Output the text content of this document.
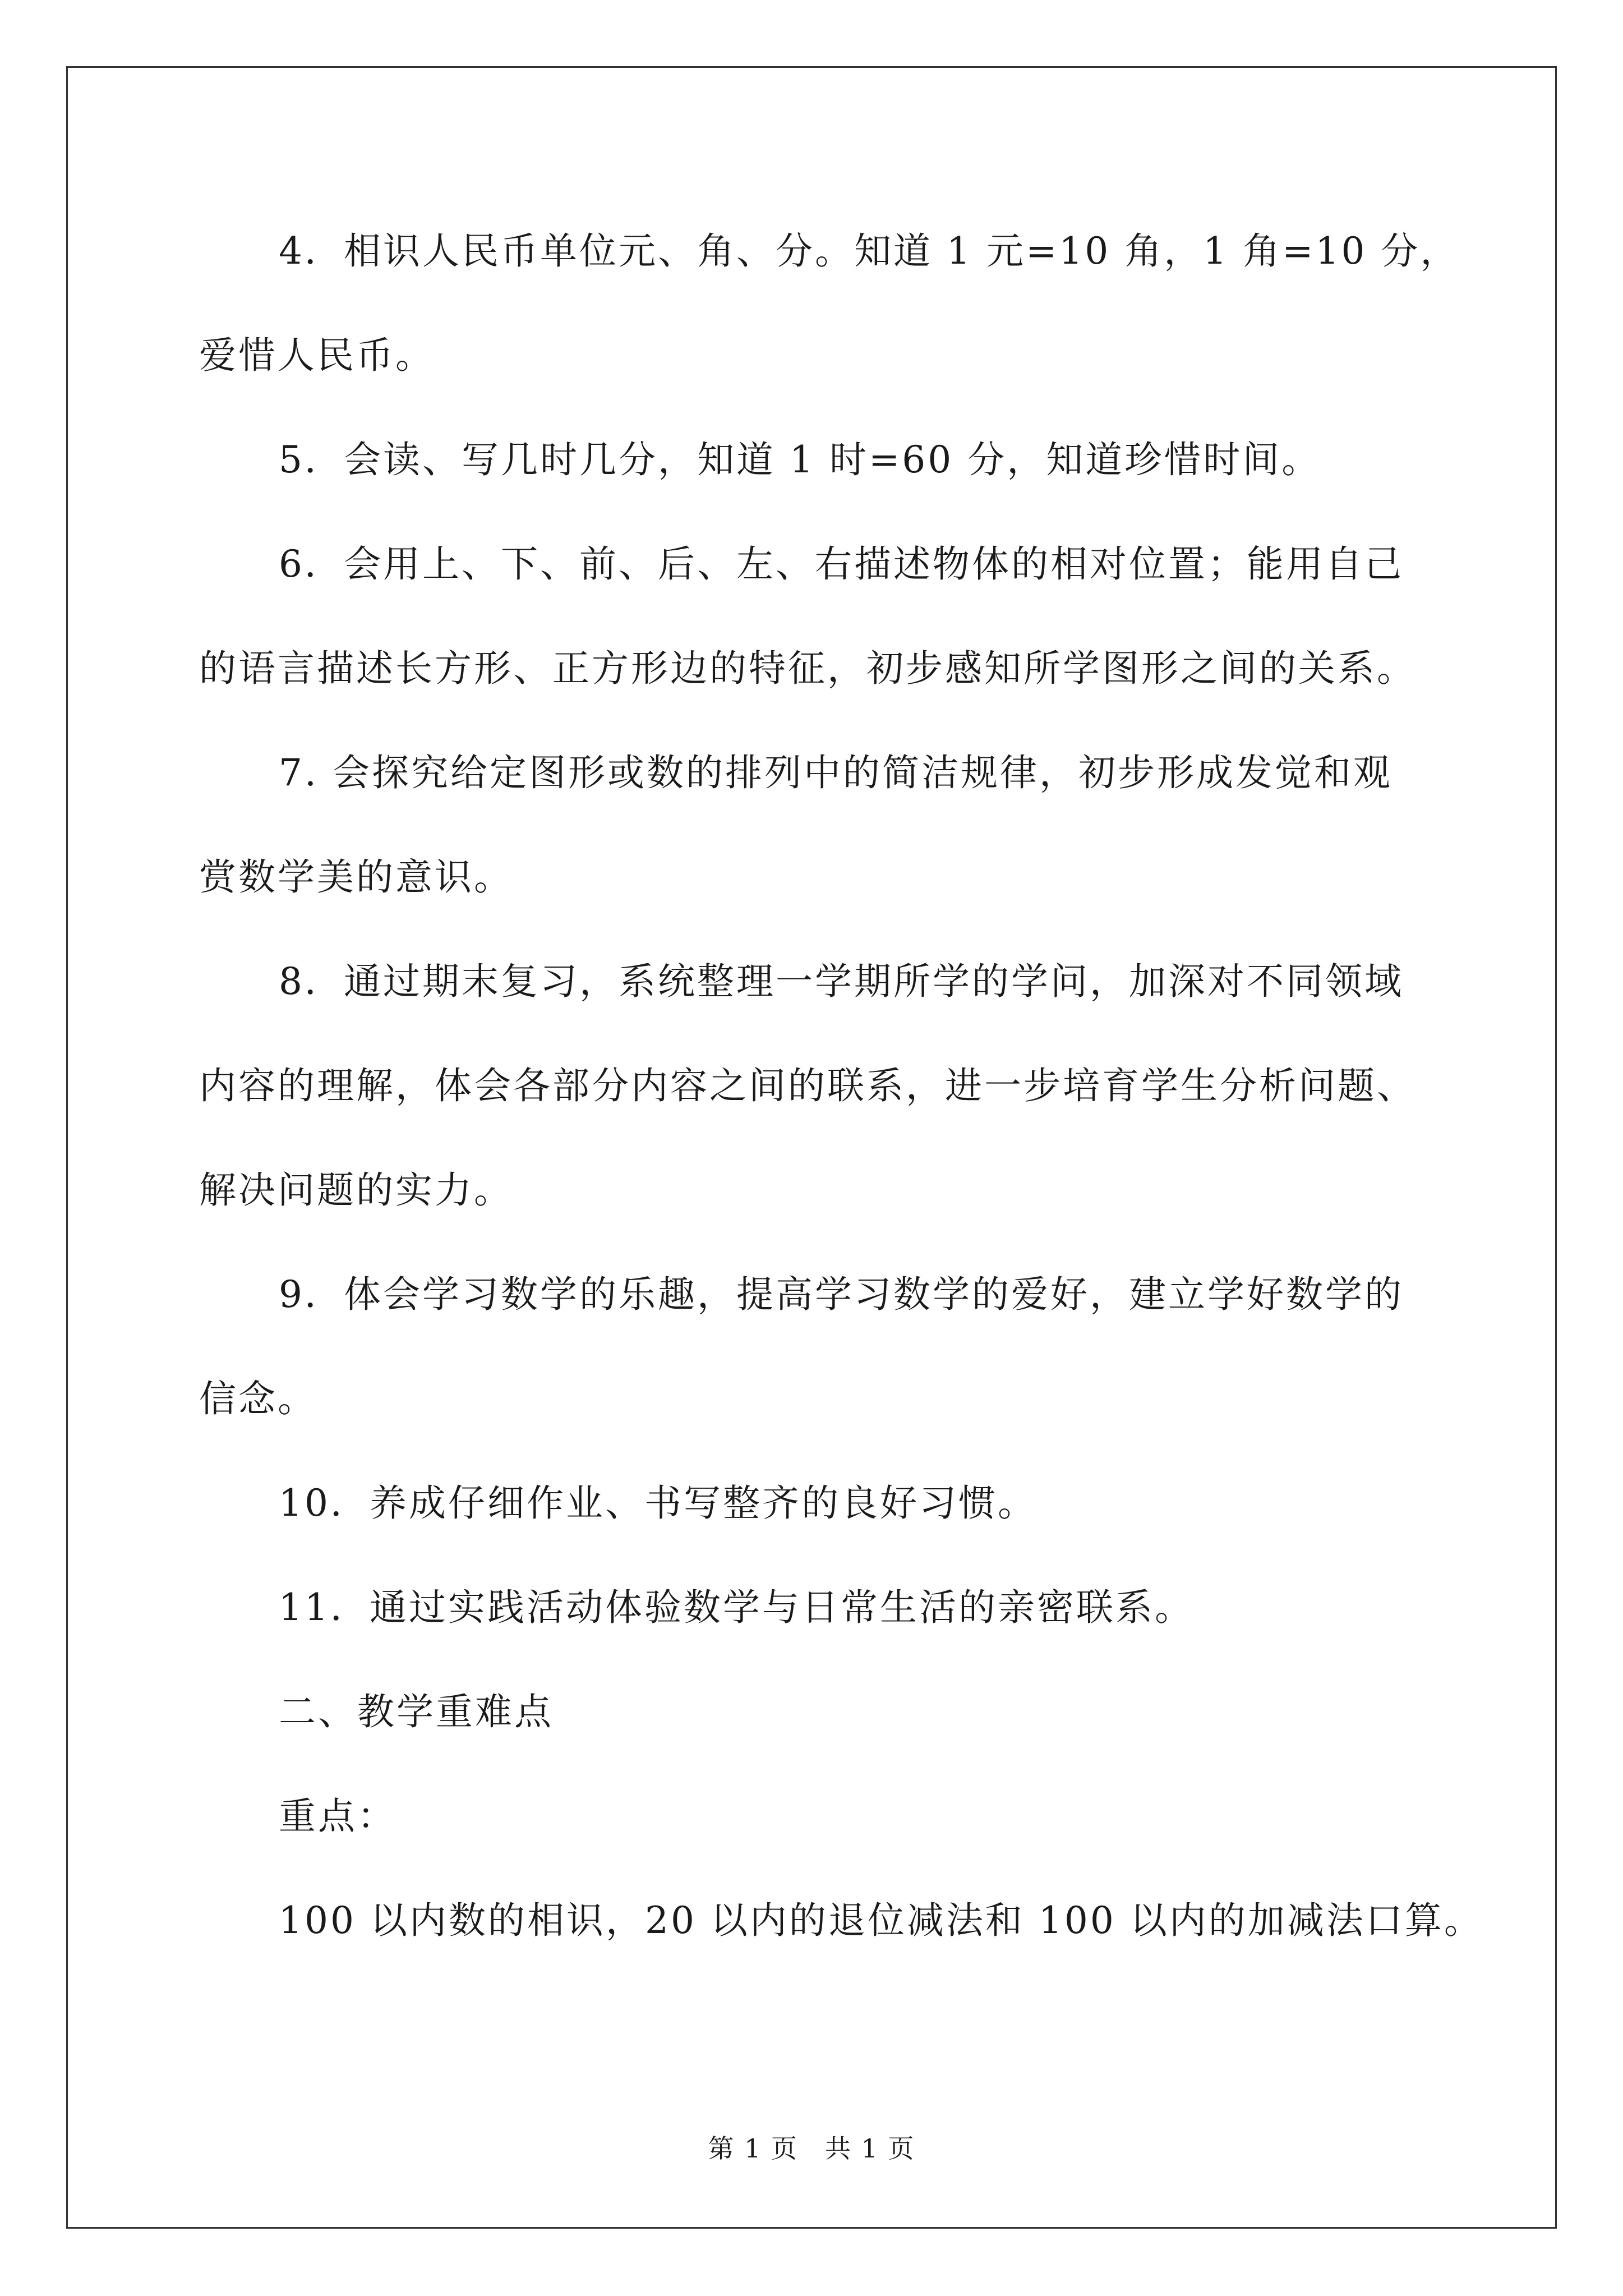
4．相识人民币单位元、角、分。知道 1 元=10 角，1 角=10 分，

爱惜人民币。

5．会读、写几时几分，知道 1 时=60 分，知道珍惜时间。

6．会用上、下、前、后、左、右描述物体的相对位置；能用自己

的语言描述长方形、正方形边的特征，初步感知所学图形之间的关系。

7. 会探究给定图形或数的排列中的简洁规律，初步形成发觉和观

赏数学美的意识。

8．通过期末复习，系统整理一学期所学的学问，加深对不同领域

内容的理解，体会各部分内容之间的联系，进一步培育学生分析问题、

解决问题的实力。

9．体会学习数学的乐趣，提高学习数学的爱好，建立学好数学的

信念。

10．养成仔细作业、书写整齐的良好习惯。

11．通过实践活动体验数学与日常生活的亲密联系。

二、教学重难点

重点：

100 以内数的相识，20 以内的退位减法和 100 以内的加减法口算。

第 1 页 共 1 页
